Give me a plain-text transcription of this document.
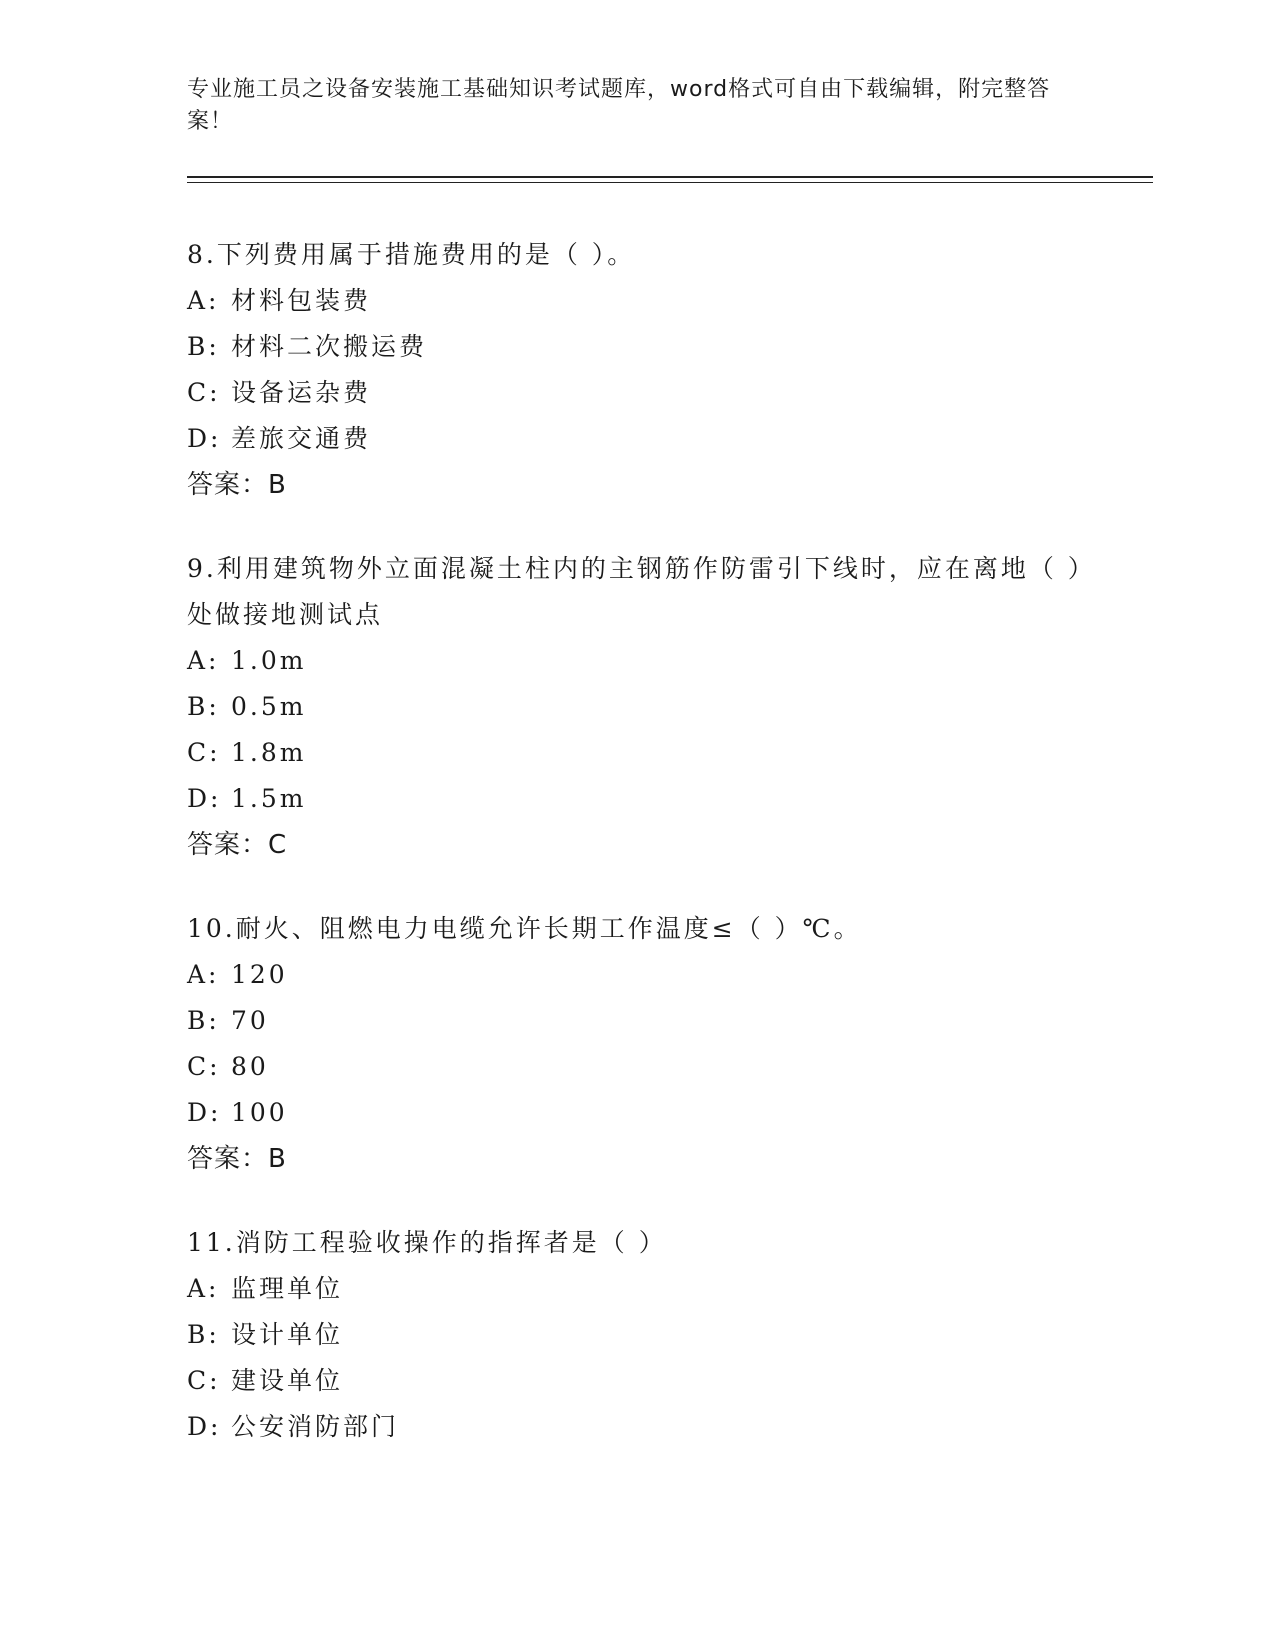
专业施工员之设备安装施工基础知识考试题库，word格式可自由下载编辑，附完整答案！

8.下列费用属于措施费用的是（ ）。

A: 材料包装费

B: 材料二次搬运费

C: 设备运杂费

D: 差旅交通费

答案：B

9.利用建筑物外立面混凝土柱内的主钢筋作防雷引下线时，应在离地（ ）处做接地测试点

A: 1.0m

B: 0.5m

C: 1.8m

D: 1.5m

答案：C

10.耐火、阻燃电力电缆允许长期工作温度≤（ ）℃。

A: 120

B: 70

C: 80

D: 100

答案：B

11.消防工程验收操作的指挥者是（ ）

A: 监理单位

B: 设计单位

C: 建设单位

D: 公安消防部门
